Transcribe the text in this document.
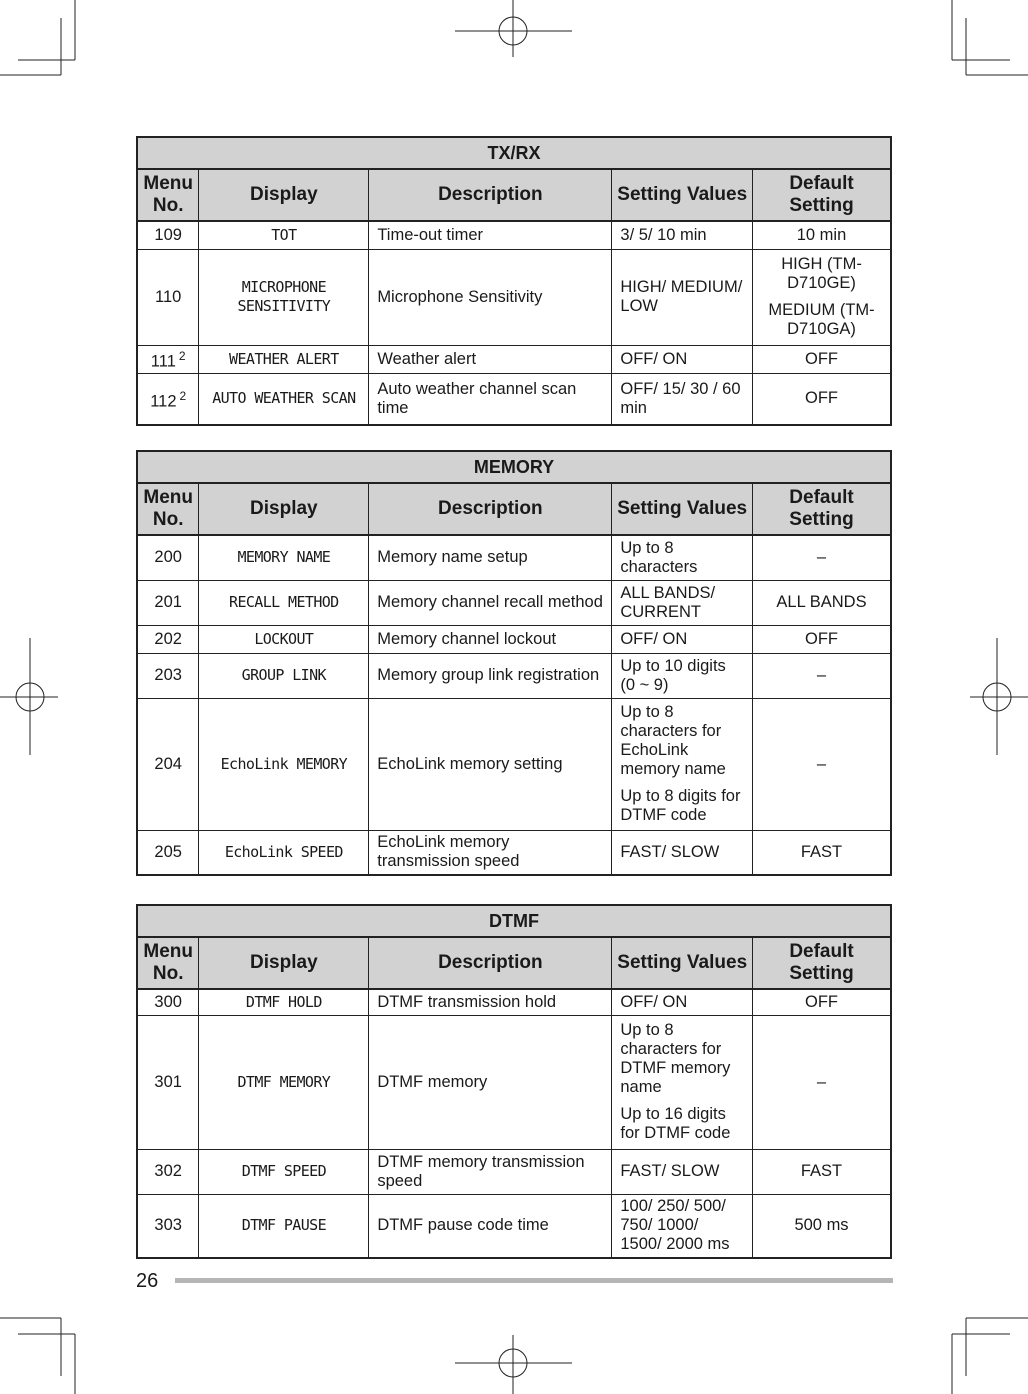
TX/RX				
Menu No.	Display	Description	Setting Values	Default Setting
109	TOT	Time-out timer	3/ 5/ 10 min	10 min
110	MICROPHONE SENSITIVITY	Microphone Sensitivity	HIGH/ MEDIUM/ LOW	HIGH (TM-D710GE)
MEDIUM (TM-D710GA)

111 $^2$	WEATHER ALERT	Weather alert	OFF/ ON	OFF
112 $^2$	AUTO WEATHER SCAN	Auto weather channel scan time	OFF/ 15/ 30 / 60 min	OFF
MEMORY				
Menu No.	Display	Description	Setting Values	Default Setting
200	MEMORY NAME	Memory name setup	Up to 8 characters	–
201	RECALL METHOD	Memory channel recall method	ALL BANDS/ CURRENT	ALL BANDS
202	LOCKOUT	Memory channel lockout	OFF/ ON	OFF
203	GROUP LINK	Memory group link registration	Up to 10 digits (0 ~ 9)	–
204	EchoLink MEMORY	EchoLink memory setting	Up to 8 characters for EchoLink memory name
Up to 8 digits for DTMF code	–
205	EchoLink SPEED	EchoLink memory transmission speed	FAST/ SLOW	FAST
DTMF				
Menu No.	Display	Description	Setting Values	Default Setting
300	DTMF HOLD	DTMF transmission hold	OFF/ ON	OFF
301	DTMF MEMORY	DTMF memory	Up to 8 characters for DTMF memory name
Up to 16 digits for DTMF code	–
302	DTMF SPEED	DTMF memory transmission speed	FAST/ SLOW	FAST
303	DTMF PAUSE	DTMF pause code time	100/ 250/ 500/ 750/ 1000/ 1500/ 2000 ms	500 ms
26
